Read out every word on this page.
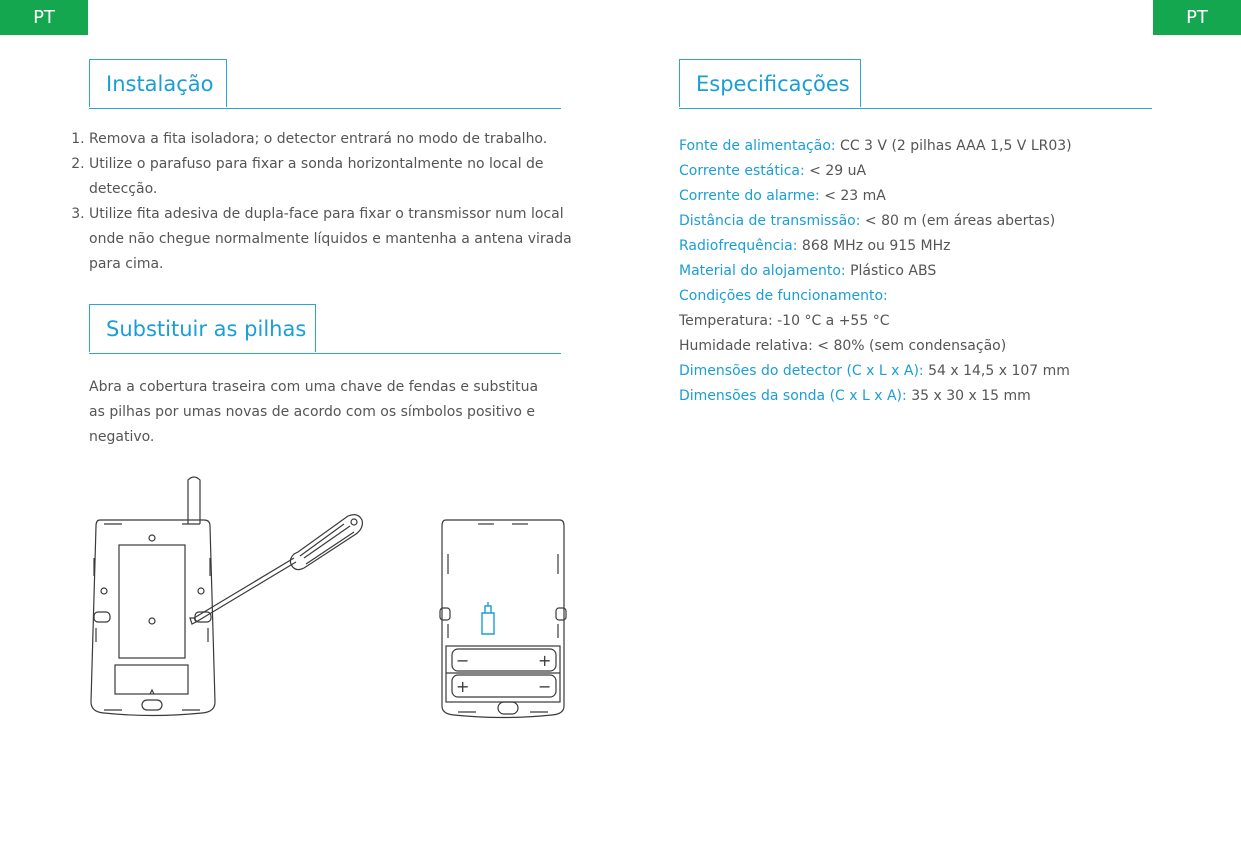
PT	PT
Instalação
1. Remova a fita isoladora; o detector entrará no modo de trabalho.
2. Utilize o parafuso para fixar a sonda horizontalmente no local de detecção.
3. Utilize fita adesiva de dupla-face para fixar o transmissor num local onde não chegue normalmente líquidos e mantenha a antena virada para cima.
Substituir as pilhas

Abra a cobertura traseira com uma chave de fendas e substitua as pilhas por umas novas de acordo com os símbolos positivo e negativo.

Especificações
Fonte de alimentação: CC 3 V (2 pilhas AAA 1,5 V LR03)
Corrente estática: < 29 uA
Corrente do alarme: < 23 mA
Distância de transmissão: < 80 m (em áreas abertas)
Radiofrequência: 868 MHz ou 915 MHz
Material do alojamento: Plástico ABS
Condições de funcionamento:
Temperatura: -10 °C a +55 °C
Humidade relativa: < 80% (sem condensação)
Dimensões do detector (C x L x A): 54 x 14,5 x 107 mm
Dimensões da sonda (C x L x A): 35 x 30 x 15 mm
−	+
+	−
